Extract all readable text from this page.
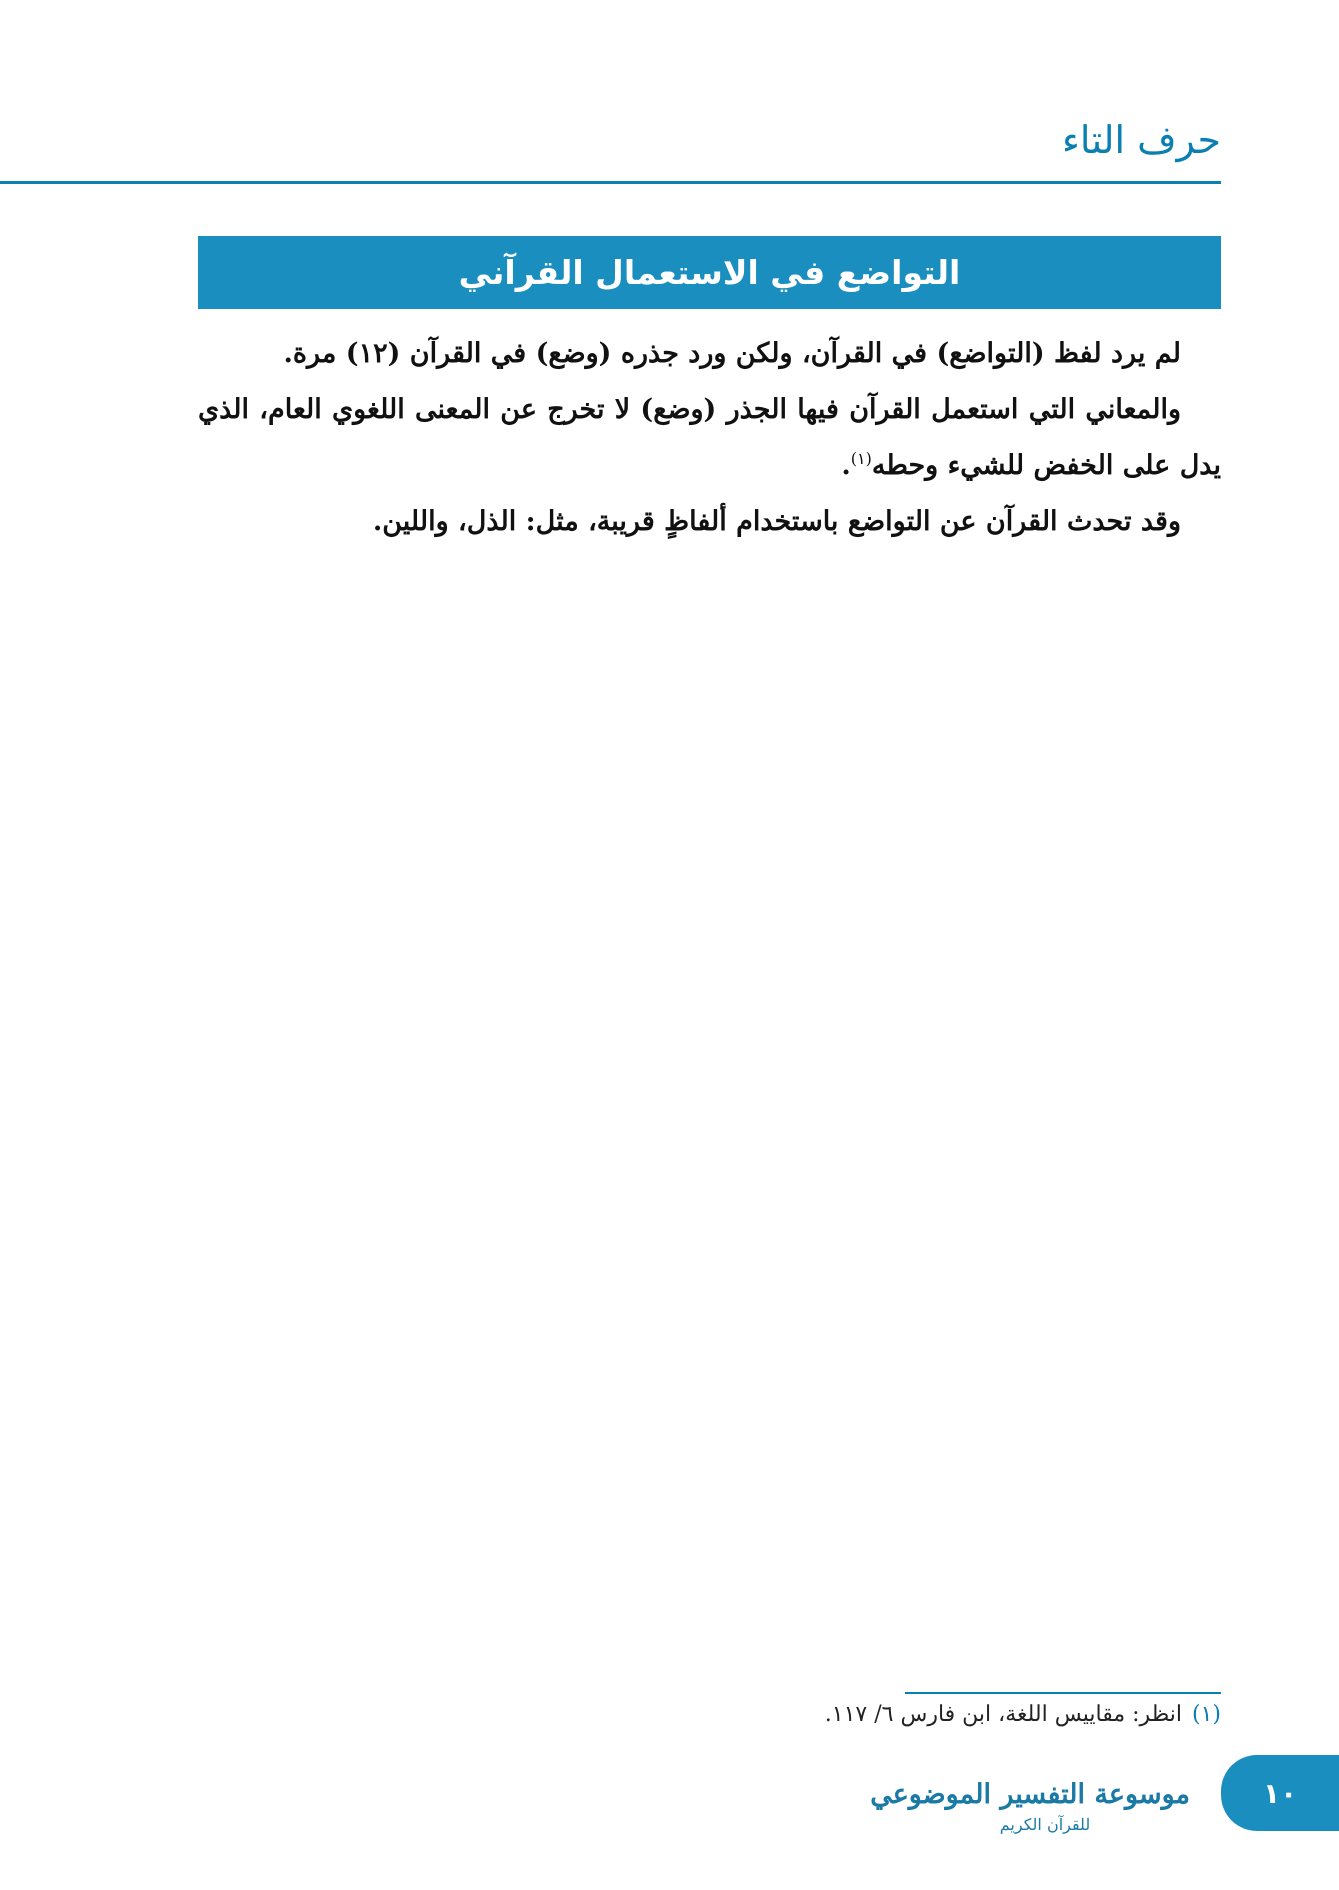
حرف التاء
التواضع في الاستعمال القرآني

لم يرد لفظ (التواضع) في القرآن، ولكن ورد جذره (وضع) في القرآن (١٢) مرة.

والمعاني التي استعمل القرآن فيها الجذر (وضع) لا تخرج عن المعنى اللغوي العام، الذي يدل على الخفض للشيء وحطه$^{(١)}$.

وقد تحدث القرآن عن التواضع باستخدام ألفاظٍ قريبة، مثل: الذل، واللين.

(١)انظر: مقاييس اللغة، ابن فارس ٦/ ١١٧.
موسوعة التفسير الموضوعي
للقرآن الكريم
١٠
